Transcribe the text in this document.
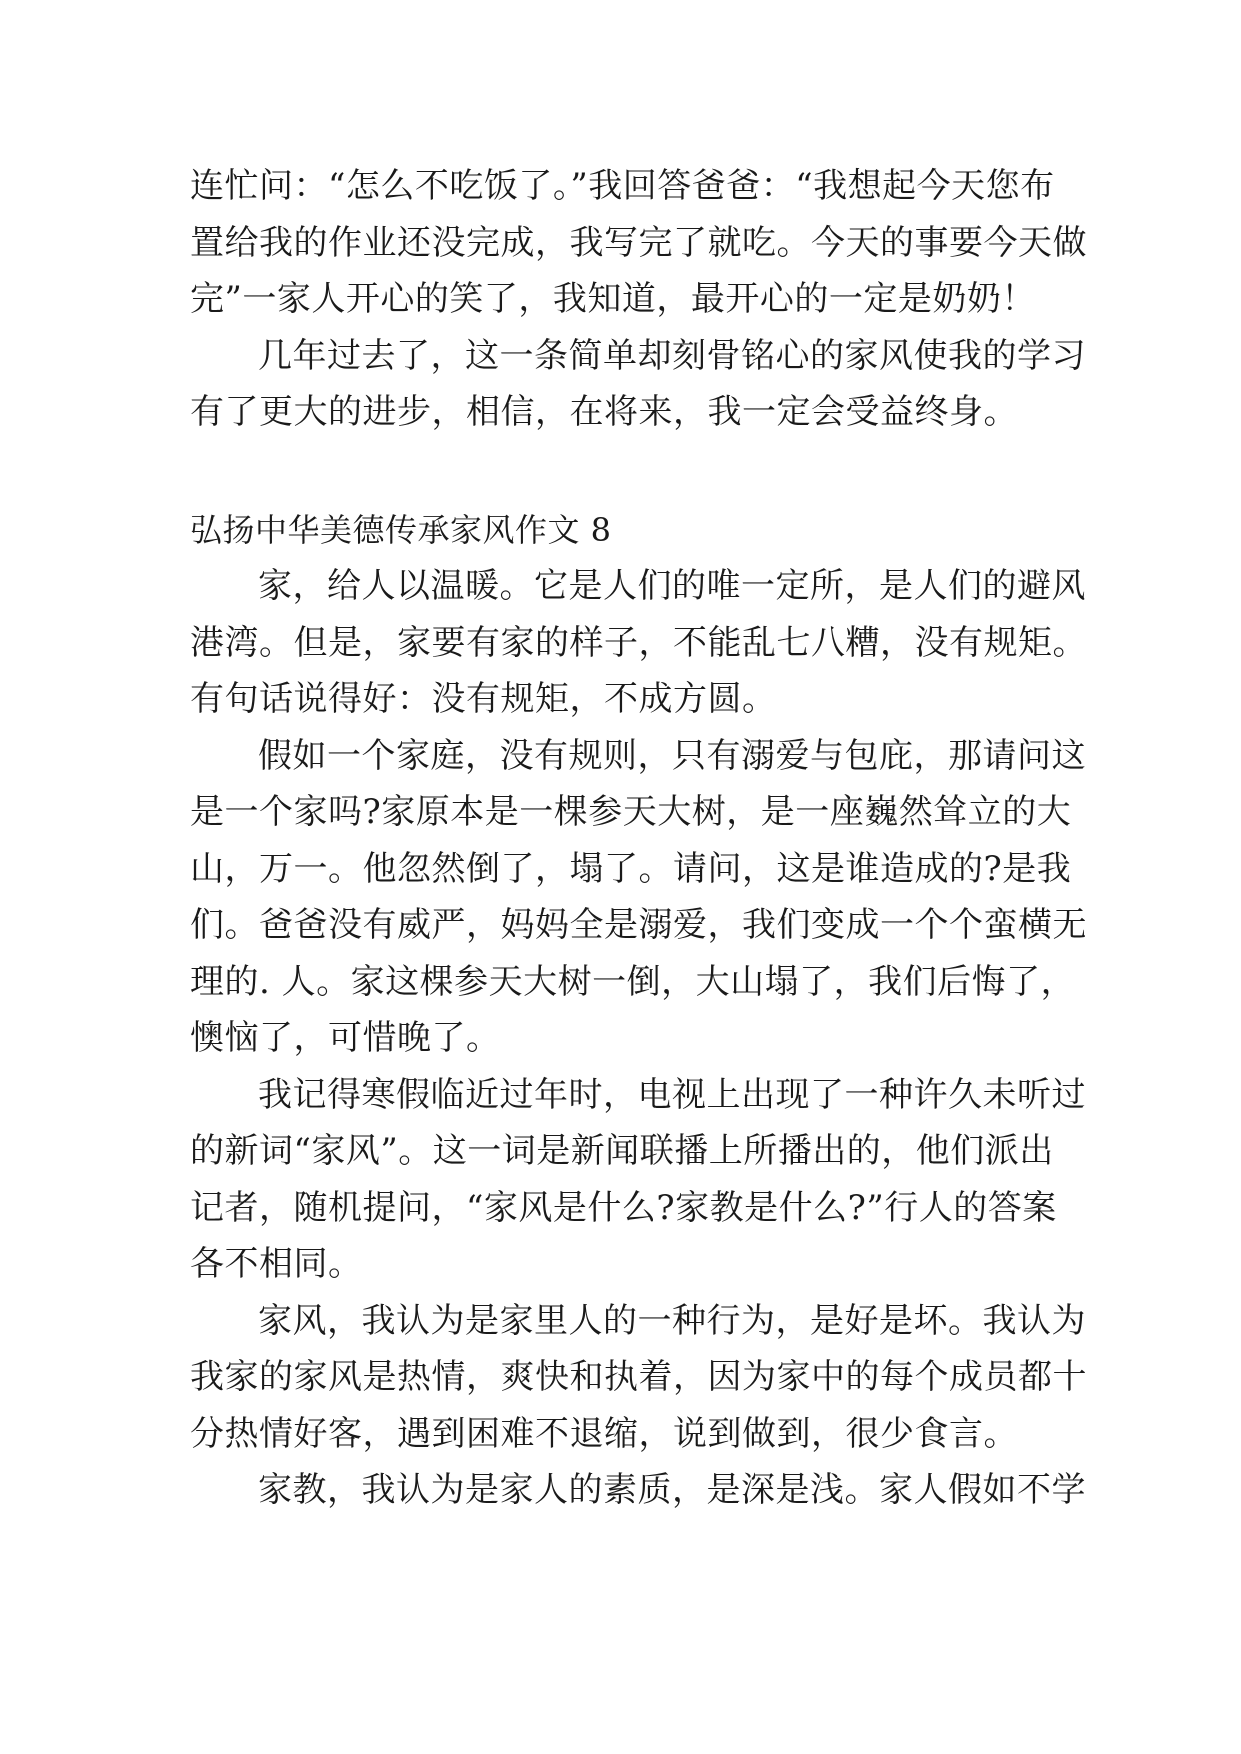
连忙问：“怎么不吃饭了。”我回答爸爸：“我想起今天您布
置给我的作业还没完成，我写完了就吃。今天的事要今天做
完”一家人开心的笑了，我知道，最开心的一定是奶奶！
几年过去了，这一条简单却刻骨铭心的家风使我的学习
有了更大的进步，相信，在将来，我一定会受益终身。
弘扬中华美德传承家风作文 8
家，给人以温暖。它是人们的唯一定所，是人们的避风
港湾。但是，家要有家的样子，不能乱七八糟，没有规矩。
有句话说得好：没有规矩，不成方圆。
假如一个家庭，没有规则，只有溺爱与包庇，那请问这
是一个家吗?家原本是一棵参天大树，是一座巍然耸立的大
山，万一。他忽然倒了，塌了。请问，这是谁造成的?是我
们。爸爸没有威严，妈妈全是溺爱，我们变成一个个蛮横无
理的. 人。家这棵参天大树一倒，大山塌了，我们后悔了，
懊恼了，可惜晚了。
我记得寒假临近过年时，电视上出现了一种许久未听过
的新词“家风”。这一词是新闻联播上所播出的，他们派出
记者，随机提问，“家风是什么?家教是什么?”行人的答案
各不相同。
家风，我认为是家里人的一种行为，是好是坏。我认为
我家的家风是热情，爽快和执着，因为家中的每个成员都十
分热情好客，遇到困难不退缩，说到做到，很少食言。
家教，我认为是家人的素质，是深是浅。家人假如不学
